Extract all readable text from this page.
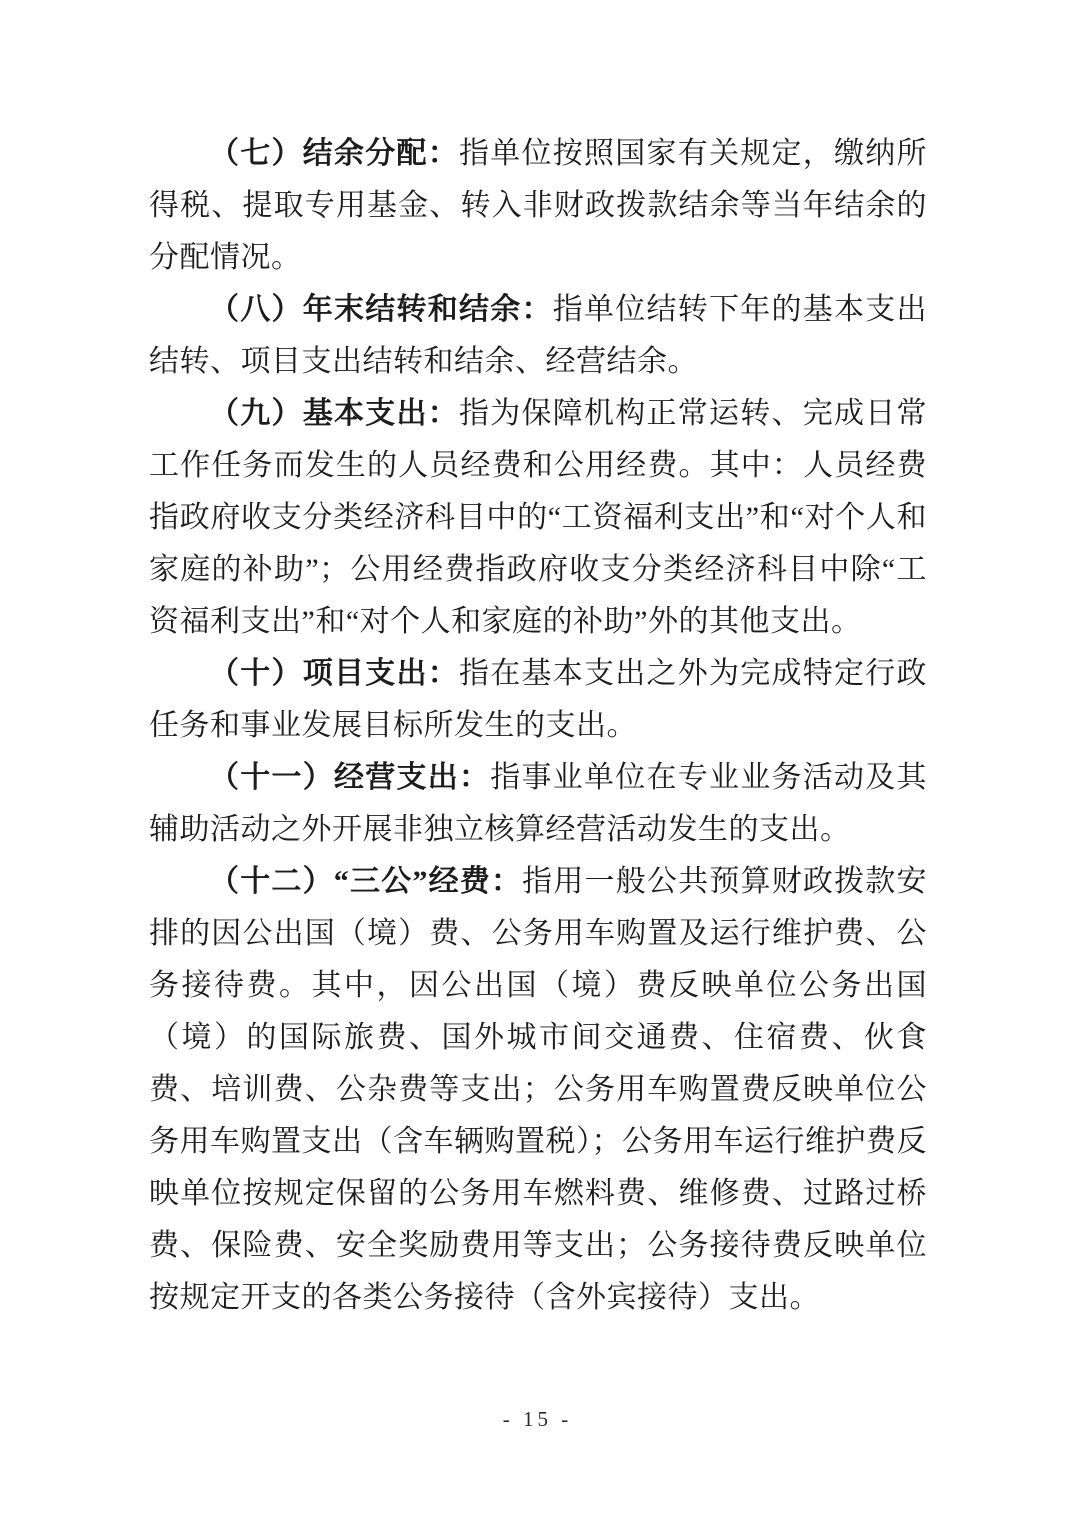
（七）结余分配：指单位按照国家有关规定，缴纳所得税、提取专用基金、转入非财政拨款结余等当年结余的分配情况。

（八）年末结转和结余：指单位结转下年的基本支出结转、项目支出结转和结余、经营结余。

（九）基本支出：指为保障机构正常运转、完成日常工作任务而发生的人员经费和公用经费。其中：人员经费指政府收支分类经济科目中的“工资福利支出”和“对个人和家庭的补助”；公用经费指政府收支分类经济科目中除“工资福利支出”和“对个人和家庭的补助”外的其他支出。

（十）项目支出：指在基本支出之外为完成特定行政任务和事业发展目标所发生的支出。

（十一）经营支出：指事业单位在专业业务活动及其辅助活动之外开展非独立核算经营活动发生的支出。

（十二）“三公”经费：指用一般公共预算财政拨款安排的因公出国（境）费、公务用车购置及运行维护费、公务接待费。其中，因公出国（境）费反映单位公务出国（境）的国际旅费、国外城市间交通费、住宿费、伙食费、培训费、公杂费等支出；公务用车购置费反映单位公务用车购置支出（含车辆购置税）；公务用车运行维护费反映单位按规定保留的公务用车燃料费、维修费、过路过桥费、保险费、安全奖励费用等支出；公务接待费反映单位按规定开支的各类公务接待（含外宾接待）支出。

- 15 -
